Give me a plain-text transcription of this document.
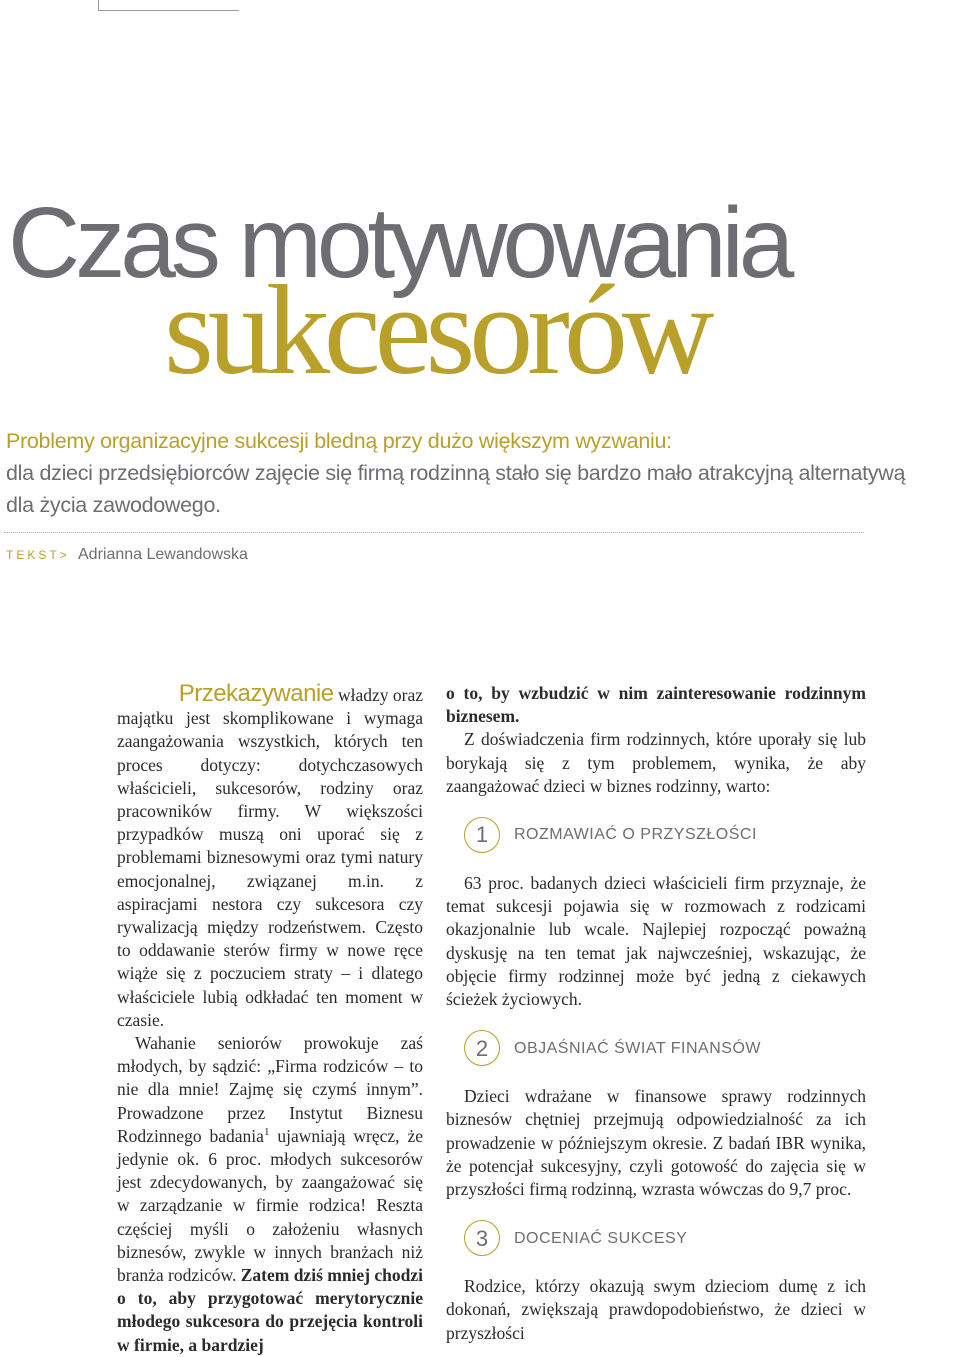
Czas motywowania
sukcesorów

Problemy organizacyjne sukcesji bledną przy dużo większym wyzwaniu:
dla dzieci przedsiębiorców zajęcie się firmą rodzinną stało się bardzo mało atrakcyjną alternatywą dla życia zawodowego.

TEKST> Adrianna Lewandowska

Przekazywanie władzy oraz
majątku jest skomplikowane i wymaga zaangażowania wszystkich, których ten proces dotyczy: dotychczasowych właścicieli, sukcesorów, rodziny oraz pracowników firmy. W większości przypadków muszą oni uporać się z problemami biznesowymi oraz tymi natury emocjonalnej, związanej m.in. z aspiracjami nestora czy sukcesora czy rywalizacją między rodzeństwem. Często to oddawanie sterów firmy w nowe ręce wiąże się z poczuciem straty – i dlatego właściciele lubią odkładać ten moment w czasie.

Wahanie seniorów prowokuje zaś młodych, by sądzić: „Firma rodziców – to nie dla mnie! Zajmę się czymś innym”. Prowadzone przez Instytut Biznesu Rodzinnego badania$^1$ ujawniają wręcz, że jedynie ok. 6 proc. młodych sukcesorów jest zdecydowanych, by zaangażować się w zarządzanie w firmie rodzica! Reszta częściej myśli o założeniu własnych biznesów, zwykle w innych branżach niż branża rodziców. Zatem dziś mniej chodzi o to, aby przygotować merytorycznie młodego sukcesora do przejęcia kontroli w firmie, a bardziej

o to, by wzbudzić w nim zainteresowanie rodzinnym biznesem.

Z doświadczenia firm rodzinnych, które uporały się lub borykają się z tym problemem, wynika, że aby zaangażować dzieci w biznes rodzinny, warto:

1	ROZMAWIAĆ O PRZYSZŁOŚCI

63 proc. badanych dzieci właścicieli firm przyznaje, że temat sukcesji pojawia się w rozmowach z rodzicami okazjonalnie lub wcale. Najlepiej rozpocząć poważną dyskusję na ten temat jak najwcześniej, wskazując, że objęcie firmy rodzinnej może być jedną z ciekawych ścieżek życiowych.

2	OBJAŚNIAĆ ŚWIAT FINANSÓW

Dzieci wdrażane w finansowe sprawy rodzinnych biznesów chętniej przejmują odpowiedzialność za ich prowadzenie w późniejszym okresie. Z badań IBR wynika, że potencjał sukcesyjny, czyli gotowość do zajęcia się w przyszłości firmą rodzinną, wzrasta wówczas do 9,7 proc.

3	DOCENIAĆ SUKCESY

Rodzice, którzy okazują swym dzieciom dumę z ich dokonań, zwiększają prawdopodobieństwo, że dzieci w przyszłości
